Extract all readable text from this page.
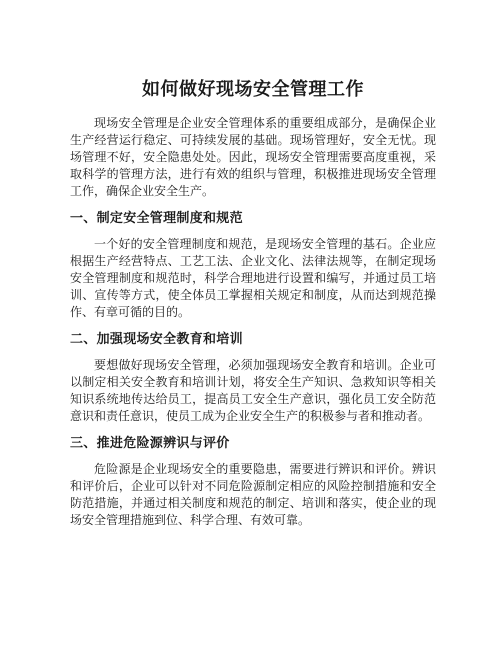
如何做好现场安全管理工作

现场安全管理是企业安全管理体系的重要组成部分，是确保企业生产经营运行稳定、可持续发展的基础。现场管理好，安全无忧。现场管理不好，安全隐患处处。因此，现场安全管理需要高度重视，采取科学的管理方法，进行有效的组织与管理，积极推进现场安全管理工作，确保企业安全生产。

一、制定安全管理制度和规范

一个好的安全管理制度和规范，是现场安全管理的基石。企业应根据生产经营特点、工艺工法、企业文化、法律法规等，在制定现场安全管理制度和规范时，科学合理地进行设置和编写，并通过员工培训、宣传等方式，使全体员工掌握相关规定和制度，从而达到规范操作、有章可循的目的。

二、加强现场安全教育和培训

要想做好现场安全管理，必须加强现场安全教育和培训。企业可以制定相关安全教育和培训计划，将安全生产知识、急救知识等相关知识系统地传达给员工，提高员工安全生产意识，强化员工安全防范意识和责任意识，使员工成为企业安全生产的积极参与者和推动者。

三、推进危险源辨识与评价

危险源是企业现场安全的重要隐患，需要进行辨识和评价。辨识和评价后，企业可以针对不同危险源制定相应的风险控制措施和安全防范措施，并通过相关制度和规范的制定、培训和落实，使企业的现场安全管理措施到位、科学合理、有效可靠。
